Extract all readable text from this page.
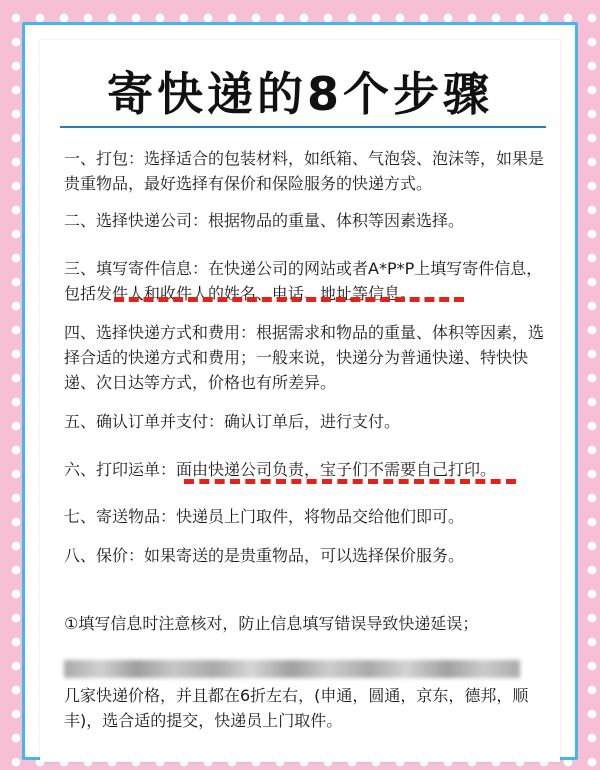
寄快递的8个步骤
一、打包：选择适合的包装材料，如纸箱、气泡袋、泡沫等，如果是贵重物品，最好选择有保价和保险服务的快递方式。
二、选择快递公司：根据物品的重量、体积等因素选择。
三、填写寄件信息：在快递公司的网站或者A*P*P上填写寄件信息，包括发件人和收件人的姓名、电话、地址等信息。
四、选择快递方式和费用：根据需求和物品的重量、体积等因素，选择合适的快递方式和费用；一般来说，快递分为普通快递、特快快递、次日达等方式，价格也有所差异。
五、确认订单并支付：确认订单后，进行支付。
六、打印运单：面由快递公司负责，宝子们不需要自己打印。
七、寄送物品：快递员上门取件，将物品交给他们即可。
八、保价：如果寄送的是贵重物品，可以选择保价服务。
①填写信息时注意核对，防止信息填写错误导致快递延误；
几家快递价格，并且都在6折左右，(申通，圆通，京东，德邦，顺丰)，选合适的提交，快递员上门取件。
